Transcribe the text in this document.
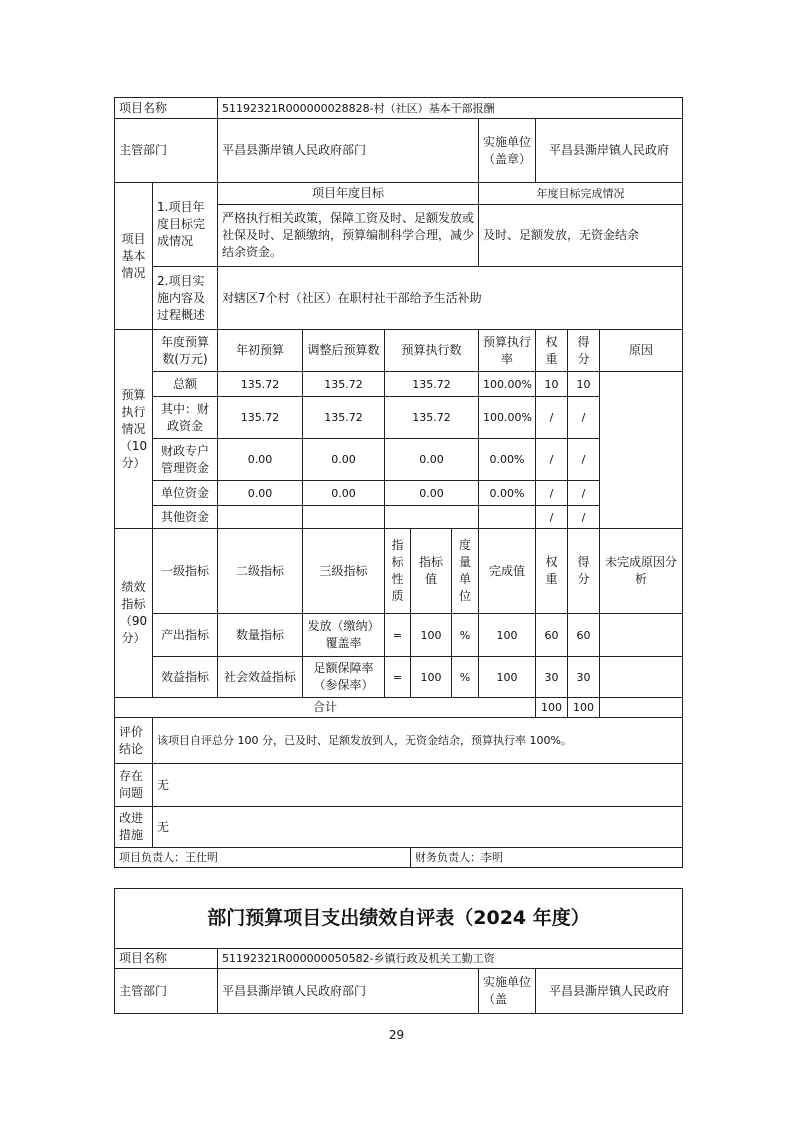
项目名称		51192321R000000028828-村（社区）基本干部报酬								
主管部门		平昌县澌岸镇人民政府部门					实施单位（盖章）	平昌县澌岸镇人民政府		
项目基本情况	1.项目年度目标完成情况	项目年度目标					年度目标完成情况			
		严格执行相关政策，保障工资及时、足额发放或社保及时、足额缴纳，预算编制科学合理，减少结余资金。					及时、足额发放，无资金结余			
	2.项目实施内容及过程概述	对辖区7个村（社区）在职村社干部给予生活补助								
预算执行情况（10分）	年度预算数(万元)	年初预算	调整后预算数	预算执行数			预算执行率	权重	得分	原因
	总额	135.72	135.72	135.72			100.00%	10	10	
	其中：财政资金	135.72	135.72	135.72			100.00%	/	/	
	财政专户管理资金	0.00	0.00	0.00			0.00%	/	/	
	单位资金	0.00	0.00	0.00			0.00%	/	/	
	其他资金							/	/	
绩效指标（90分）	一级指标	二级指标	三级指标	指标性质	指标值	度量单位	完成值	权重	得分	未完成原因分析
	产出指标	数量指标	发放（缴纳）覆盖率	=	100	%	100	60	60	
	效益指标	社会效益指标	足额保障率（参保率）	=	100	%	100	30	30	
合计								100	100	
评价结论	该项目自评总分 100 分，已及时、足额发放到人，无资金结余，预算执行率 100%。									
存在问题	无									
改进措施	无									
项目负责人：王仕明					财务负责人：李明					
部门预算项目支出绩效自评表（2024 年度）			
项目名称	51192321R000000050582-乡镇行政及机关工勤工资		
主管部门	平昌县澌岸镇人民政府部门	实施单位（盖	平昌县澌岸镇人民政府
29
